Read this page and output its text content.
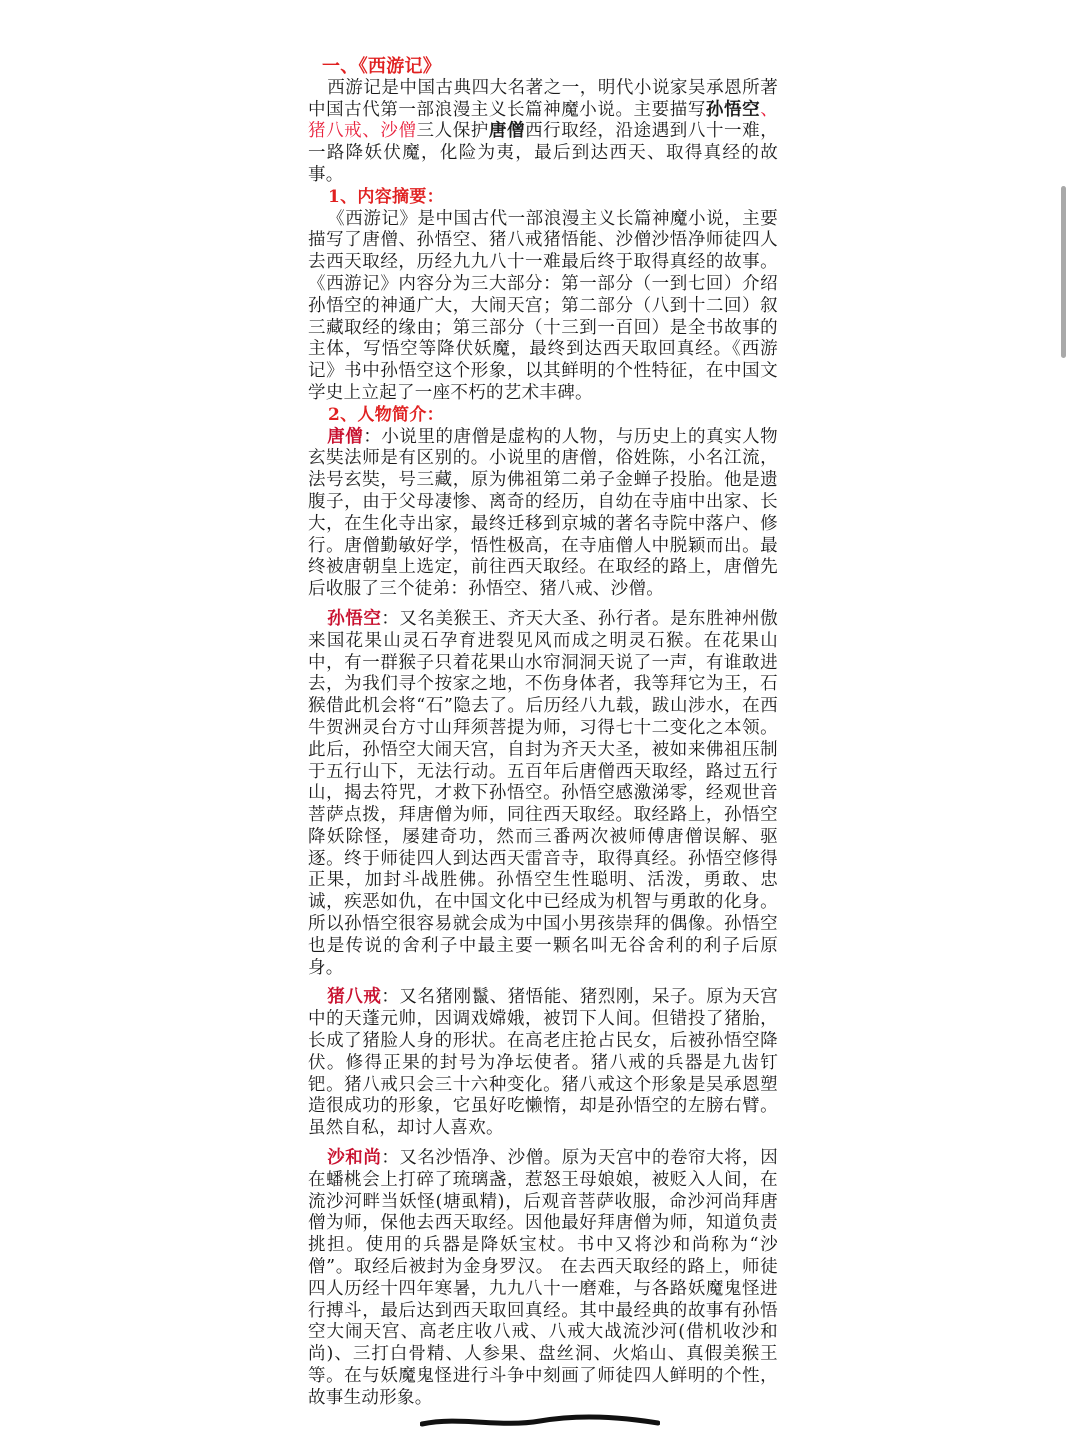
一、《西游记》

西游记是中国古典四大名著之一，明代小说家吴承恩所著中国古代第一部浪漫主义长篇神魔小说。主要描写孙悟空、猪八戒、沙僧三人保护唐僧西行取经，沿途遇到八十一难，一路降妖伏魔，化险为夷，最后到达西天、取得真经的故事。

1、内容摘要：

《西游记》是中国古代一部浪漫主义长篇神魔小说，主要描写了唐僧、孙悟空、猪八戒猪悟能、沙僧沙悟净师徒四人去西天取经，历经九九八十一难最后终于取得真经的故事。《西游记》内容分为三大部分：第一部分（一到七回）介绍孙悟空的神通广大，大闹天宫；第二部分（八到十二回）叙三藏取经的缘由；第三部分（十三到一百回）是全书故事的主体，写悟空等降伏妖魔，最终到达西天取回真经。《西游记》书中孙悟空这个形象，以其鲜明的个性特征，在中国文学史上立起了一座不朽的艺术丰碑。

2、人物简介：

唐僧：小说里的唐僧是虚构的人物，与历史上的真实人物玄奘法师是有区别的。小说里的唐僧，俗姓陈，小名江流，法号玄奘，号三藏，原为佛祖第二弟子金蝉子投胎。他是遗腹子，由于父母凄惨、离奇的经历，自幼在寺庙中出家、长大，在生化寺出家，最终迁移到京城的著名寺院中落户、修行。唐僧勤敏好学，悟性极高，在寺庙僧人中脱颖而出。最终被唐朝皇上选定，前往西天取经。在取经的路上，唐僧先后收服了三个徒弟：孙悟空、猪八戒、沙僧。

孙悟空：又名美猴王、齐天大圣、孙行者。是东胜神州傲来国花果山灵石孕育进裂见风而成之明灵石猴。在花果山中，有一群猴子只着花果山水帘洞洞天说了一声，有谁敢进去，为我们寻个按家之地，不伤身体者，我等拜它为王，石猴借此机会将“石”隐去了。后历经八九载，跋山涉水，在西牛贺洲灵台方寸山拜须菩提为师，习得七十二变化之本领。此后，孙悟空大闹天宫，自封为齐天大圣，被如来佛祖压制于五行山下，无法行动。五百年后唐僧西天取经，路过五行山，揭去符咒，才救下孙悟空。孙悟空感激涕零，经观世音菩萨点拨，拜唐僧为师，同往西天取经。取经路上，孙悟空降妖除怪，屡建奇功，然而三番两次被师傅唐僧误解、驱逐。终于师徒四人到达西天雷音寺，取得真经。孙悟空修得正果，加封斗战胜佛。孙悟空生性聪明、活泼，勇敢、忠诚，疾恶如仇，在中国文化中已经成为机智与勇敢的化身。所以孙悟空很容易就会成为中国小男孩崇拜的偶像。孙悟空也是传说的舍利子中最主要一颗名叫无谷舍利的利子后原身。

猪八戒：又名猪刚鬣、猪悟能、猪烈刚，呆子。原为天宫中的天蓬元帅，因调戏嫦娥，被罚下人间。但错投了猪胎，长成了猪脸人身的形状。在高老庄抢占民女，后被孙悟空降伏。修得正果的封号为净坛使者。猪八戒的兵器是九齿钉钯。猪八戒只会三十六种变化。猪八戒这个形象是吴承恩塑造很成功的形象，它虽好吃懒惰，却是孙悟空的左膀右臂。虽然自私，却讨人喜欢。

沙和尚：又名沙悟净、沙僧。原为天宫中的卷帘大将，因在蟠桃会上打碎了琉璃盏，惹怒王母娘娘，被贬入人间，在流沙河畔当妖怪(塘虱精)，后观音菩萨收服，命沙河尚拜唐僧为师，保他去西天取经。因他最好拜唐僧为师，知道负责挑担。使用的兵器是降妖宝杖。书中又将沙和尚称为“沙僧”。取经后被封为金身罗汉。 在去西天取经的路上，师徒四人历经十四年寒暑，九九八十一磨难，与各路妖魔鬼怪进行搏斗，最后达到西天取回真经。其中最经典的故事有孙悟空大闹天宫、高老庄收八戒、八戒大战流沙河(借机收沙和尚)、三打白骨精、人参果、盘丝洞、火焰山、真假美猴王等。在与妖魔鬼怪进行斗争中刻画了师徒四人鲜明的个性，故事生动形象。
